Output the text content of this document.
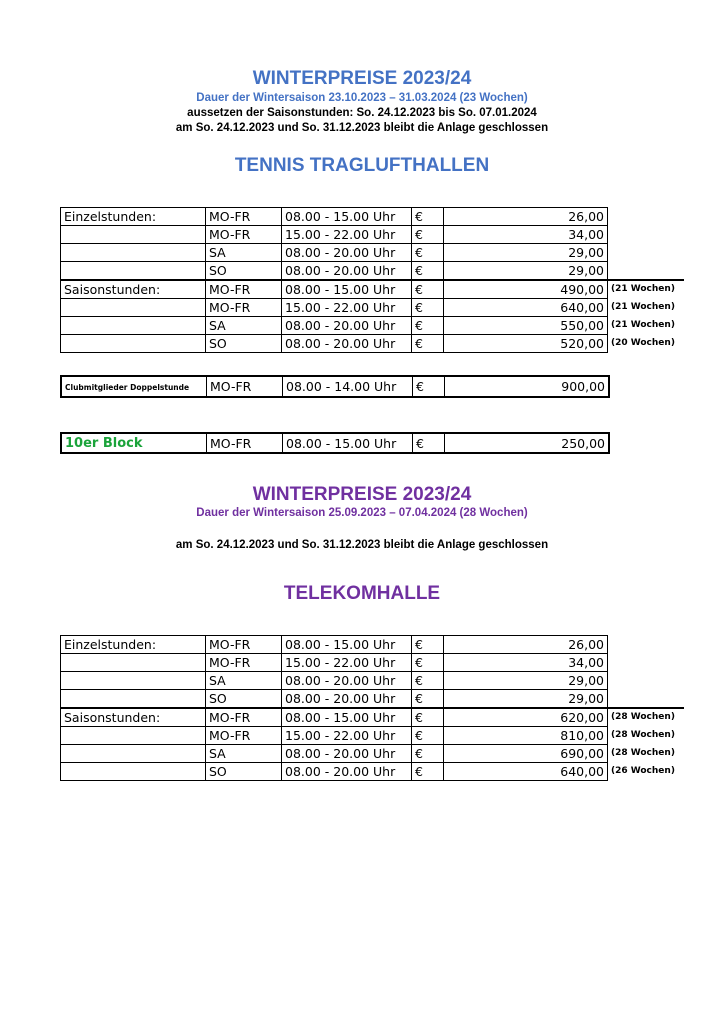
WINTERPREISE 2023/24
Dauer der Wintersaison 23.10.2023 – 31.03.2024 (23 Wochen)
aussetzen der Saisonstunden: So. 24.12.2023 bis So. 07.01.2024
am So. 24.12.2023 und So. 31.12.2023 bleibt die Anlage geschlossen
TENNIS TRAGLUFTHALLEN
Einzelstunden:	MO-FR	08.00 - 15.00 Uhr	€	26,00	
	MO-FR	15.00 - 22.00 Uhr	€	34,00	
	SA	08.00 - 20.00 Uhr	€	29,00	
	SO	08.00 - 20.00 Uhr	€	29,00	
Saisonstunden:	MO-FR	08.00 - 15.00 Uhr	€	490,00	(21 Wochen)
	MO-FR	15.00 - 22.00 Uhr	€	640,00	(21 Wochen)
	SA	08.00 - 20.00 Uhr	€	550,00	(21 Wochen)
	SO	08.00 - 20.00 Uhr	€	520,00	(20 Wochen)
Clubmitglieder Doppelstunde	MO-FR	08.00 - 14.00 Uhr	€	900,00
10er Block	MO-FR	08.00 - 15.00 Uhr	€	250,00
WINTERPREISE 2023/24
Dauer der Wintersaison 25.09.2023 – 07.04.2024 (28 Wochen)
am So. 24.12.2023 und So. 31.12.2023 bleibt die Anlage geschlossen
TELEKOMHALLE
Einzelstunden:	MO-FR	08.00 - 15.00 Uhr	€	26,00	
	MO-FR	15.00 - 22.00 Uhr	€	34,00	
	SA	08.00 - 20.00 Uhr	€	29,00	
	SO	08.00 - 20.00 Uhr	€	29,00	
Saisonstunden:	MO-FR	08.00 - 15.00 Uhr	€	620,00	(28 Wochen)
	MO-FR	15.00 - 22.00 Uhr	€	810,00	(28 Wochen)
	SA	08.00 - 20.00 Uhr	€	690,00	(28 Wochen)
	SO	08.00 - 20.00 Uhr	€	640,00	(26 Wochen)
